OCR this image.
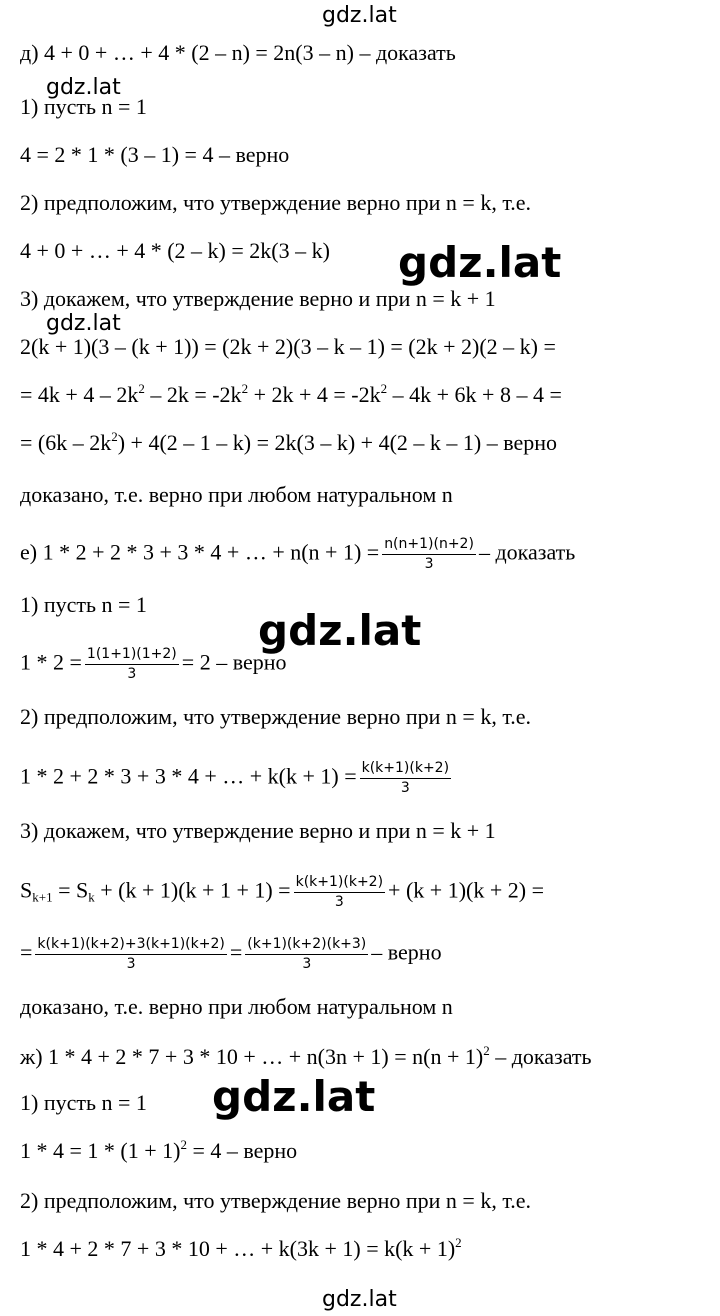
gdz.lat
gdz.lat
gdz.lat
gdz.lat
gdz.lat
gdz.lat
gdz.lat
д) 4 + 0 + … + 4 * (2 – n) = 2n(3 – n) – доказать
1) пусть n = 1
4 = 2 * 1 * (3 – 1) = 4 – верно
2) предположим, что утверждение верно при n = k, т.е.
4 + 0 + … + 4 * (2 – k) = 2k(3 – k)
3) докажем, что утверждение верно и при n = k + 1
2(k + 1)(3 – (k + 1)) = (2k + 2)(3 – k – 1) = (2k + 2)(2 – k) =
= $4k + 4 - 2k^2 - 2k = -2k^2 + 2k + 4 = -2k^2 - 4k + 6k + 8 - 4$ =
= $(6k - 2k^2) + 4(2 - 1 - k) = 2k(3 - k) + 4(2 - k - 1)$ – верно
доказано, т.е. верно при любом натуральном n
е) 1 * 2 + 2 * 3 + 3 * 4 + … + $n(n + 1) = \frac{n(n+1)(n+2)}{3}$ – доказать
1) пусть n = 1
$1 * 2 = \frac{1(1+1)(1+2)}{3} = 2$ – верно
2) предположим, что утверждение верно при n = k, т.е.
1 * 2 + 2 * 3 + 3 * 4 + … + $k(k + 1) = \frac{k(k+1)(k+2)}{3}$
3) докажем, что утверждение верно и при n = k + 1
$S_{k+1} = S_k + (k + 1)(k + 1 + 1) = \frac{k(k+1)(k+2)}{3} + (k + 1)(k + 2)$ =
= $\frac{k(k+1)(k+2)+3(k+1)(k+2)}{3} = \frac{(k+1)(k+2)(k+3)}{3}$ – верно
доказано, т.е. верно при любом натуральном n
ж) 1 * 4 + 2 * 7 + 3 * 10 + … + $n(3n + 1) = n(n + 1)^2$ – доказать
1) пусть n = 1
$1 * 4 = 1 * (1 + 1)^2 = 4$ – верно
2) предположим, что утверждение верно при n = k, т.е.
1 * 4 + 2 * 7 + 3 * 10 + … + $k(3k + 1) = k(k + 1)^2$
